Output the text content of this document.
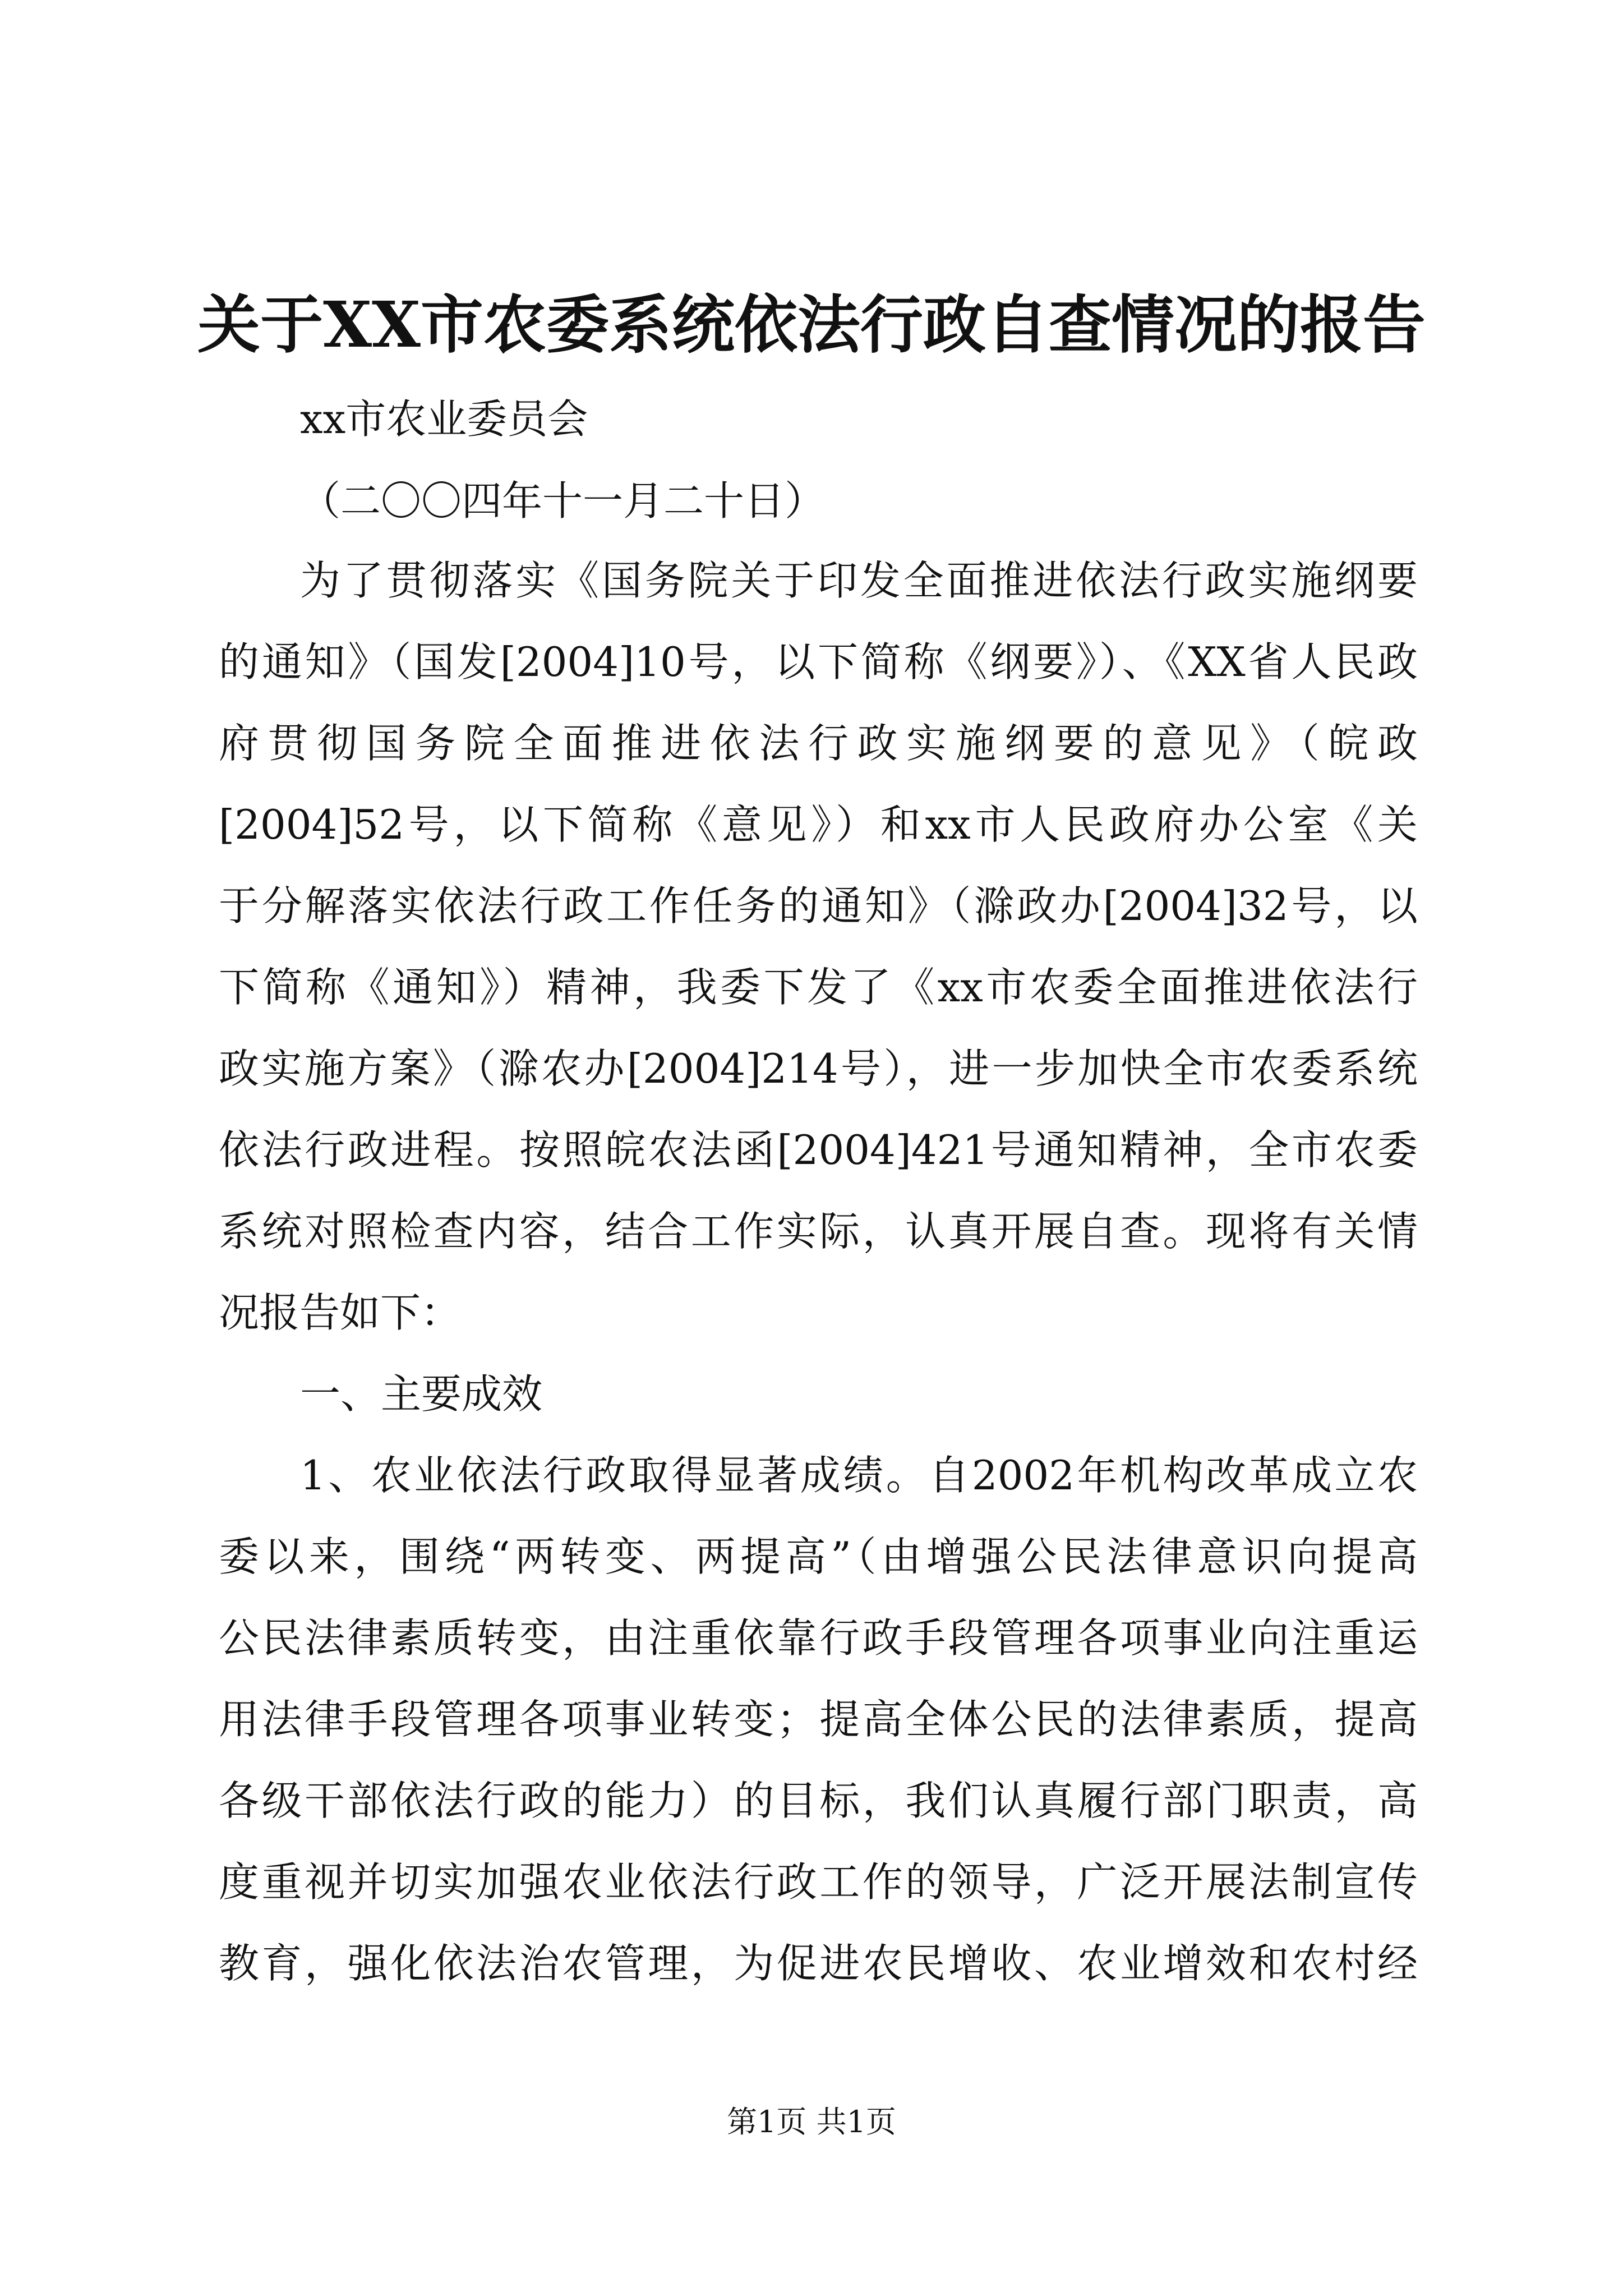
关于XX市农委系统依法行政自查情况的报告
xx市农业委员会
（二〇〇四年十一月二十日）
为了贯彻落实《国务院关于印发全面推进依法行政实施纲要
的通知》（国发[2004]10号，以下简称《纲要》）、《XX省人民政
府贯彻国务院全面推进依法行政实施纲要的意见》（皖政
[2004]52号，以下简称《意见》）和xx市人民政府办公室《关
于分解落实依法行政工作任务的通知》（滁政办[2004]32号，以
下简称《通知》）精神，我委下发了《xx市农委全面推进依法行
政实施方案》（滁农办[2004]214号），进一步加快全市农委系统
依法行政进程。按照皖农法函[2004]421号通知精神，全市农委
系统对照检查内容，结合工作实际，认真开展自查。现将有关情
况报告如下：
一、主要成效
1、农业依法行政取得显著成绩。自2002年机构改革成立农
委以来，围绕“两转变、两提高”（由增强公民法律意识向提高
公民法律素质转变，由注重依靠行政手段管理各项事业向注重运
用法律手段管理各项事业转变；提高全体公民的法律素质，提高
各级干部依法行政的能力）的目标，我们认真履行部门职责，高
度重视并切实加强农业依法行政工作的领导，广泛开展法制宣传
教育，强化依法治农管理，为促进农民增收、农业增效和农村经
第1页 共1页
